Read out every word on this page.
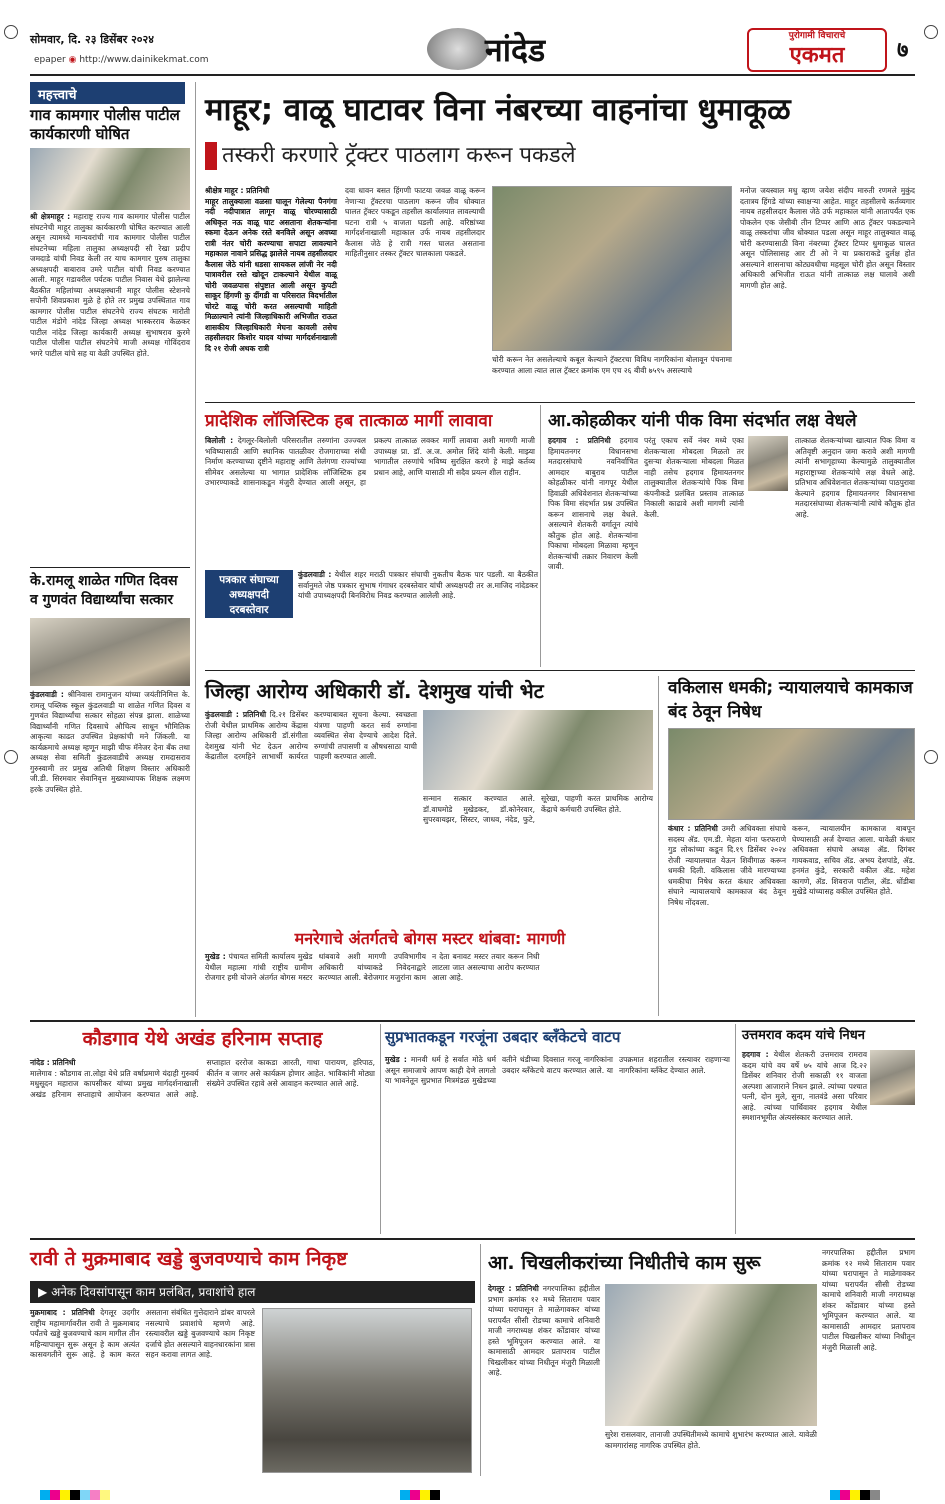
सोमवार, दि. २३ डिसेंबर २०२४
epaper ◉ http://www.dainikekmat.com	नांदेड	पुरोगामी विचाराचे
एकमत	७
महत्त्वाचे
गाव कामगार पोलीस पाटील कार्यकारणी घोषित
श्री क्षेत्रमाहूर : महाराष्ट्र राज्य गाव कामगार पोलीस पाटील संघटनेची माहूर तालुका कार्यकारणी घोषित करण्यात आली असून त्यामध्ये मान्यवरांची गाव कामगार पोलीस पाटील संघटनेच्या महिला तालुका अध्यक्षपदी सौ रेखा प्रदीप जमदाडे यांची निवड केली तर याच कामगार पुरुष तालुका अध्यक्षपदी बाबाराव उमरे पाटील यांची निवड करण्यात आली. माहूर गडावरील पर्यटक पाटील निवास येथे झालेल्या बैठकीत महिलांच्या अध्यक्षस्थानी माहूर पोलीस स्टेशनचे सपोनी शिवप्रकाश मुळे हे होते तर प्रमुख उपस्थितात गाव कामगार पोलीस पाटील संघटनेचे राज्य संघटक मारोती पाटील मंडोगे नांदेड जिल्हा अध्यक्ष भास्करराव केळकर पाटील नांदेड जिल्हा कार्यकारी अध्यक्ष सुभाषराव कुरमे पाटील पोलीस पाटील संघटनेचे माजी अध्यक्ष गोविंदराव भगरे पाटील यांचे सह या वेळी उपस्थित होते.
के.रामलू शाळेत गणित दिवस व गुणवंत विद्यार्थ्यांचा सत्कार
कुंडलवाडी : श्रीनिवास रामानुजन यांच्या जयंतीनिमित्त के. रामलू पब्लिक स्कूल कुंडलवाडी या शाळेत गणित दिवस व गुणवंत विद्यार्थ्यांचा सत्कार सोहळा संपन्न झाला. शाळेच्या विद्यार्थ्यांनी गणित दिवसाचे औचित्य साधून भौमितिक आकृत्या काढत उपस्थित प्रेक्षकांची मने जिंकली. या कार्यक्रमाचे अध्यक्ष म्हणून माझी चीफ मॅनेजर देना बँक तथा अध्यक्ष सेवा समिती कुंडलवाडीचे अध्यक्ष रामदासराव गुरुस्वामी तर प्रमुख अतिथी शिक्षण विस्तार अधिकारी जी.डी. सिरमवार सेवानिवृत्त मुख्याध्यापक शिक्षक लक्ष्मण हरके उपस्थित होते.
माहूर; वाळू घाटावर विना नंबरच्या वाहनांचा धुमाकूळ
तस्करी करणारे ट्रॅक्टर पाठलाग करून पकडले
श्रीक्षेत्र माहूर : प्रतिनिधी
माहूर तालुक्याला वळसा घालून गेलेल्या पैनगंगा नदी नदीपात्रात लागून वाळू चोरण्यासाठी अधिकृत नऊ वाळू घाट असताना शेतकऱ्यांना स्कमा देऊन अनेक रस्ते बनविले असून अवघ्या रात्री नंतर चोरी करण्याचा सपाटा लावल्याने महाकाल नावाने प्रसिद्ध झालेले नायब तहसीलदार कैलास जेठे यांनी धडसा सायकल लांजी नेर नदी पात्रावरील रस्ते खोदून टाकल्याने येथील वाळू चोरी जवळपास संपुष्टात आली असून कुपटी साकूर हिंगणी कु दींगडी वा परिसरात विदर्भातील चोरटे वाळू चोरी करत असल्याची माहिती मिळाल्याने त्यांनी जिल्हाधिकारी अभिजीत राऊत शासकीय जिल्हाधिकारी मेघना कावली तसेच तहसीलदार किशोर यादव यांच्या मार्गदर्शनाखाली दि २१ रोजी अथक रात्री
दवा धावन बसत हिंगणी फाटया जवळ वाळू करून नेणाऱ्या ट्रॅक्टरचा पाठलाग करून जीव धोक्यात घालत ट्रॅक्टर पकडून तहसील कार्यालयात लावल्याची घटना रात्री ५ वाजता घडली आहे. वरिष्ठांच्या मार्गदर्शनाखाली महाकाल उर्फ नायब तहसीलदार कैलास जेठे हे रात्री गस्त घालत असताना माहितीनुसार तस्कर ट्रॅक्टर चालकाला पकडले.
चोरी करून नेत असलेल्याचे कबूल केल्याने ट्रॅक्टरचा विविध नागरिकांना बोलावून पंचनामा करण्यात आला त्यात लाल ट्रॅक्टर क्रमांक एम एच २६ बीवी ७५९५ असल्याचे
मनोज जयस्वाल मधु व्हाण जयेश संदीप मारुती रणमले मुकुंद दतात्रय हिंगडे यांच्या स्वाक्षऱ्या आहेत. माहूर तहसीलचे कर्तव्यगार नायब तहसीलदार कैलास जेठे उर्फ महाकाल यांनी आतापर्यंत एक पोकलेन एक जेसीबी तीन टिप्पर आणि आठ ट्रॅक्टर पकडल्याने वाळू तस्करांचा जीव धोक्यात पडला असून माहूर तालुक्यात वाळू चोरी करण्यासाठी विना नंबरच्या ट्रॅक्टर टिप्पर धुमाकूळ घालत असून पोलिसासह आर टी ओ ने या प्रकाराकडे दुर्लक्ष होत असल्याने शासनाचा कोट्यवधीचा महसूल चोरी होत असून विस्तार अधिकारी अभिजीत राऊत यांनी तात्काळ लक्ष घालावे अशी मागणी होत आहे.
प्रादेशिक लॉजिस्टिक हब तात्काळ मार्गी लावावा
बिलोली : देगलूर-बिलोली परिसरातील तरुणांना उज्ज्वल भविष्यासाठी आणि स्थानिक पातळीवर रोजगाराच्या संधी निर्माण करण्याच्या दृष्टीने महाराष्ट्र आणि तेलंगणा राज्यांच्या सीमेवर असलेल्या या भागात प्रादेशिक लॉजिस्टिक हब उभारण्याकडे शासनाकडून मंजुरी देण्यात आली असून, हा प्रकल्प तात्काळ लवकर मार्गी लावावा अशी मागणी माजी उपाध्यक्ष प्रा. डॉ. अ.ज. अमोल शिंदे यांनी केली. माझ्या भागातील तरुणांचे भविष्य सुरक्षित करणे हे माझे कर्तव्य प्रधान आहे, आणि यासाठी मी सदैव प्रयत्न शील राहीन.
पत्रकार संघाच्या अध्यक्षपदी दरबस्तेवार
कुंडलवाडी : येथील शहर मराठी पत्रकार संघाची नुकतीच बैठक पार पडली. या बैठकीत सर्वानुमते जेष्ठ पत्रकार सुभाष गंगाधर दरबस्तेवार यांची अध्यक्षपदी तर अ.माजिद नांदेडकर यांची उपाध्यक्षपदी बिनविरोध निवड करण्यात आलेली आहे.
आ.कोहळीकर यांनी पीक विमा संदर्भात लक्ष वेधले
हदगाव : प्रतिनिधी हदगाव हिमायतनगर विधानसभा मतदारसंघाचे नवनिर्वाचित आमदार बाबुराव पाटील कोहळीकर यांनी नागपूर येथील हिवाळी अधिवेशनात शेतकऱ्यांच्या पिक विमा संदर्भात प्रश्न उपस्थित करून शासनाचे लक्ष वेधले. असल्याने शेतकरी वर्गातून त्यांचे कौतुक होत आहे. शेतकऱ्यांना पिकाचा मोबदला मिळावा म्हणून शेतकऱ्यांची तक्रार निवारण केली जावी.
परंतु एकाच सर्वे नंबर मध्ये एका शेतकऱ्याला मोबदला मिळतो तर दुसऱ्या शेतकऱ्याला मोबदला मिळत नाही तसेच हदगाव हिमायतनगर तालुक्यातील शेतकऱ्यांचे पिक विमा कंपनीकडे प्रलंबित प्रस्ताव तात्काळ निकाली काढावे अशी मागणी त्यांनी केली.
तात्काळ शेतकऱ्यांच्या खात्यात पिक विमा व अतिवृष्टी अनुदान जमा करावे अशी मागणी त्यांनी सभागृहाच्या केल्यामुळे तालुक्यातील महाराष्ट्राच्या शेतकऱ्यांचे लक्ष वेधले आहे. प्रतिभाव अधिवेशनात शेतकऱ्यांच्या पाठपुरावा केल्याने हदगाव हिमायतनगर विधानसभा मतदारसंघाच्या शेतकऱ्यांनी त्यांचे कौतुक होत आहे.
जिल्हा आरोग्य अधिकारी डॉ. देशमुख यांची भेट
कुंडलवाडी : प्रतिनिधी दि.२१ डिसेंबर रोजी येथील प्राथमिक आरोग्य केंद्रास जिल्हा आरोग्य अधिकारी डॉ.संगीता देशमुख यांनी भेट देऊन आरोग्य केंद्रातील दरमहिने लाभार्थी कार्यरत करण्याबाबत सूचना केल्या. स्वच्छता यंत्रणा पाहणी करत सर्व रुग्णांना व्यवस्थित सेवा देण्याचे आदेश दिले. रुग्णांची तपासणी व औषधसाठा याची पाहणी करण्यात आली.
सन्मान सत्कार करण्यात आले. डॉ.वाघमोडे मुखेडकर, डॉ.कोनेरवार, सुपरवायझर, सिस्टर, जाधव, नंदेड, फुटे, सूरेखा, पाहणी करत प्राथमिक आरोग्य केंद्राचे कर्मचारी उपस्थित होते.
वकिलास धमकी; न्यायालयाचे कामकाज बंद ठेवून निषेध
कंधार : प्रतिनिधी उमरी अधिवक्ता संघाचे सदस्य ॲड. एम.डी. मेहता यांना फरफराणे गुड लोकांच्या कडून दि.१९ डिसेंबर २०२४ रोजी न्यायालयात येऊन शिवीगाळ करून धमकी दिली. वकिलास जीवे मारण्याच्या धमकीचा निषेध करत कंधार अधिवक्ता संघाने न्यायालयाचे कामकाज बंद ठेवून निषेध नोंदवला.
करून, न्यायालयीन कामकाज बाबपून घेण्यासाठी अर्ज देण्यात आला. यावेळी कंधार अधिवक्ता संघाचे अध्यक्ष ॲड. दिगंबर गायकवाड, सचिव ॲड. अभय देशपांडे, ॲड. हनमंत कुंडे, सरकारी वकील ॲड. महेश कागणे, ॲड. शिवराज पाटील, ॲड. धोंडीबा मुखेडे यांच्यासह वकील उपस्थित होते.
मनरेगाचे अंतर्गतचे बोगस मस्टर थांबवा: मागणी
मुखेड : पंचायत समिती कार्यालय मुखेड येथील महात्मा गांधी राष्ट्रीय ग्रामीण रोजगार हमी योजने अंतर्गत बोगस मस्टर थांबवावे अशी मागणी उपविभागीय अधिकारी यांच्याकडे निवेदनाद्वारे करण्यात आली. बेरोजगार मजुरांना काम न देता बनावट मस्टर तयार करून निधी लाटला जात असल्याचा आरोप करण्यात आला आहे.
कौडगाव येथे अखंड हरिनाम सप्ताह
नांदेड : प्रतिनिधी
मालेगाव : कौडगाव ता.लोहा येथे प्रति वर्षाप्रमाणे यंदाही गुरुवर्य मधुसूदन महाराज कापसीकर यांच्या प्रमुख मार्गदर्शनाखाली अखंड हरिनाम सप्ताहाचे आयोजन करण्यात आले आहे. सप्ताहात दररोज काकडा आरती, गाथा पारायण, हरिपाठ, कीर्तन व जागर असे कार्यक्रम होणार आहेत. भाविकांनी मोठ्या संख्येने उपस्थित रहावे असे आवाहन करण्यात आले आहे.
सुप्रभातकडून गरजूंना उबदार ब्लँकेटचे वाटप
मुखेड : मानवी धर्म हे सर्वात मोठे धर्म असून समाजाचे आपण काही देणे लागतो या भावनेतून सुप्रभात मित्रमंडळ मुखेडच्या वतीने थंडीच्या दिवसात गरजू नागरिकांना उबदार ब्लँकेटचे वाटप करण्यात आले. या उपक्रमात शहरातील रस्त्यावर राहणाऱ्या नागरिकांना ब्लँकेट देण्यात आले.
उत्तमराव कदम यांचे निधन
हदगाव : येथील शेतकरी उत्तमराव रामराव कदम यांचे वय वर्षे ७५ यांचे आज दि.२२ डिसेंबर शनिवार रोजी सकाळी ११ वाजता अल्पशा आजाराने निधन झाले. त्यांच्या पश्चात पत्नी, दोन मुले, सुना, नातवंडे असा परिवार आहे. त्यांच्या पार्थिवावर हदगाव येथील स्मशानभूमीत अंत्यसंस्कार करण्यात आले.
रावी ते मुक्रमाबाद खड्डे बुजवण्याचे काम निकृष्ट
▶ अनेक दिवसांपासून काम प्रलंबित, प्रवाशांचे हाल
मुक्रमाबाद : प्रतिनिधी देगलूर उदगीर राष्ट्रीय महामार्गावरील रावी ते मुक्रमाबाद पर्यंतचे खड्डे बुजवण्याचे काम मागील तीन महिन्यापासून सुरू असून हे काम अत्यंत कासवगतीने सुरू आहे. हे काम करत असताना संबंधित गुत्तेदाराने डांबर वापरले नसल्याचे प्रवाशांचे म्हणणे आहे. रस्त्यावरील खड्डे बुजवण्याचे काम निकृष्ट दर्जाचे होत असल्याने वाहनधारकांना त्रास सहन करावा लागत आहे.
आ. चिखलीकरांच्या निधीतीचे काम सुरू
देगलूर : प्रतिनिधी नगरपालिका हद्दीतील प्रभाग क्रमांक १२ मध्ये सिताराम पवार यांच्या घरापासून ते माळेगावकर यांच्या घरापर्यंत सीसी रोडच्या कामाचे शनिवारी माजी नगराध्यक्ष शंकर कोंडावार यांच्या हस्ते भूमिपूजन करण्यात आले. या कामासाठी आमदार प्रतापराव पाटील चिखलीकर यांच्या निधीतून मंजुरी मिळाली आहे.
सुरेश रासलवार, तानाजी उपस्थितीमध्ये कामाचे शुभारंभ करण्यात आले. यावेळी कामगारांसह नागरिक उपस्थित होते.
नगरपालिका हद्दीतील प्रभाग क्रमांक १२ मध्ये सिताराम पवार यांच्या घरापासून ते माळेगावकर यांच्या घरापर्यंत सीसी रोडच्या कामाचे शनिवारी माजी नगराध्यक्ष शंकर कोंडावार यांच्या हस्ते भूमिपूजन करण्यात आले. या कामासाठी आमदार प्रतापराव पाटील चिखलीकर यांच्या निधीतून मंजुरी मिळाली आहे.
